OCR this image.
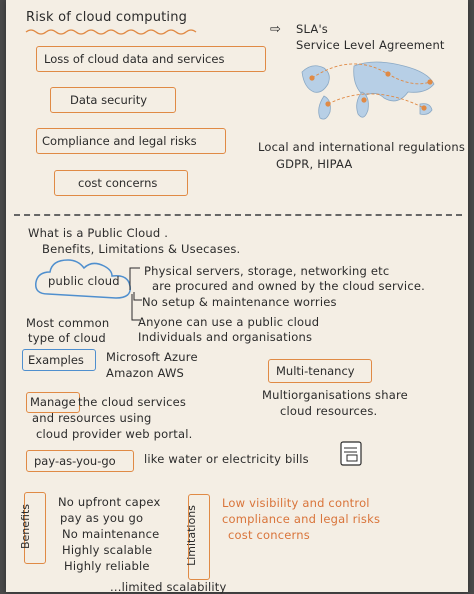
Risk of cloud computing
Loss of cloud data and services
Data security
Compliance and legal risks
cost concerns
⇨ SLA's
Service Level Agreement
Local and international regulations
GDPR, HIPAA
What is a Public Cloud .
Benefits, Limitations & Usecases.
public cloud
Physical servers, storage, networking etc
are procured and owned by the cloud service.
No setup & maintenance worries
Anyone can use a public cloud
Individuals and organisations
Most common
type of cloud
Examples Microsoft Azure
Amazon AWS	Multi-tenancy
Multiorganisations share
cloud resources.
Manage the cloud services
and resources using
cloud provider web portal.
pay-as-you-go like water or electricity bills
Benefits
No upfront capex
pay as you go
No maintenance
Highly scalable
Highly reliable
Limitations
Low visibility and control
compliance and legal risks
cost concerns
...limited scalability
